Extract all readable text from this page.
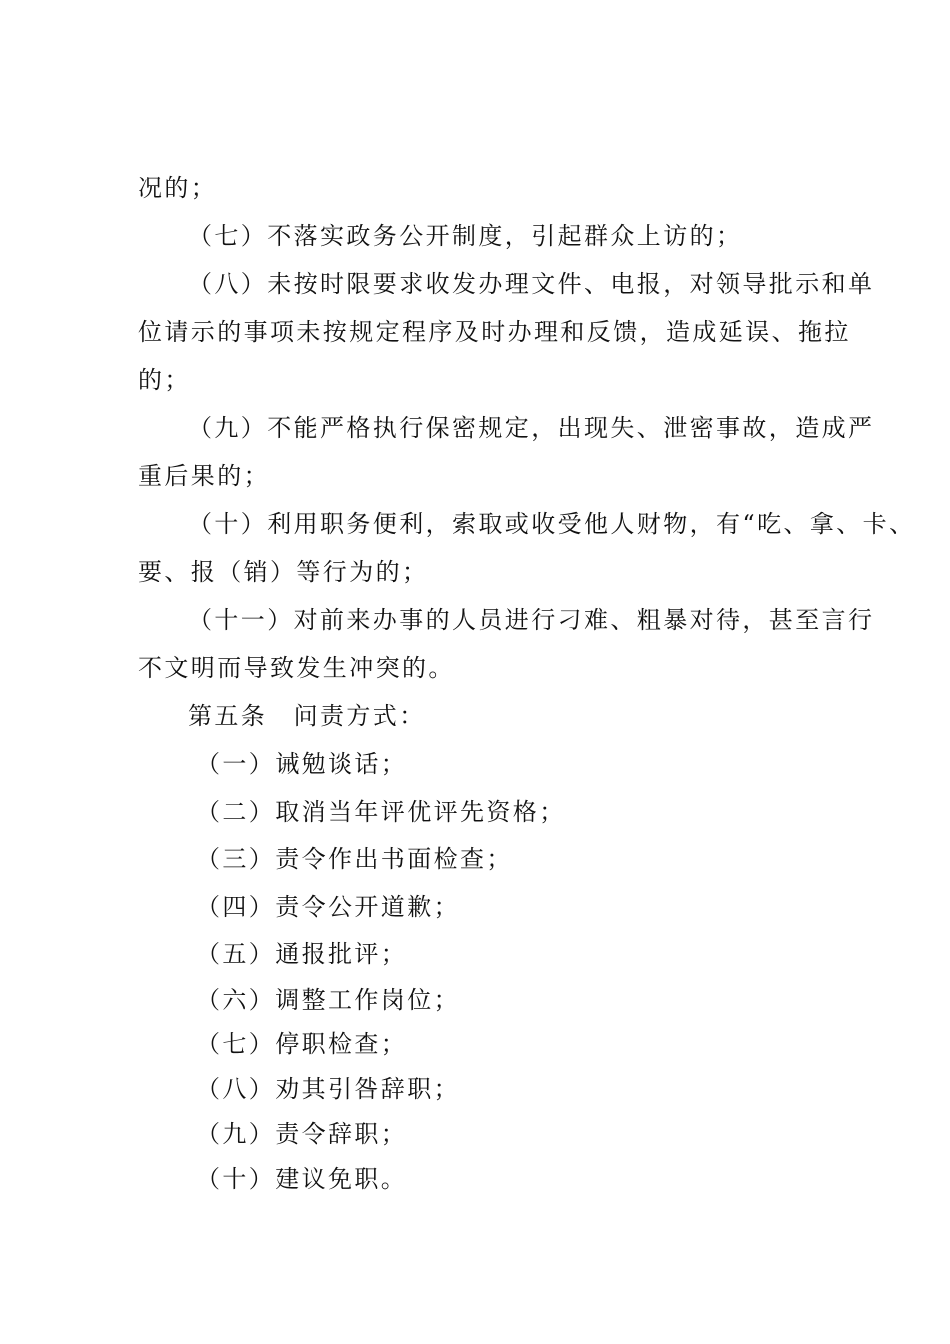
况的；
（七）不落实政务公开制度，引起群众上访的；
（八）未按时限要求收发办理文件、电报，对领导批示和单
位请示的事项未按规定程序及时办理和反馈，造成延误、拖拉
的；
（九）不能严格执行保密规定，出现失、泄密事故，造成严
重后果的；
（十）利用职务便利，索取或收受他人财物，有“吃、拿、卡、
要、报（销）等行为的；
（十一）对前来办事的人员进行刁难、粗暴对待，甚至言行
不文明而导致发生冲突的。
第五条　问责方式：
（一）诫勉谈话；
（二）取消当年评优评先资格；
（三）责令作出书面检查；
（四）责令公开道歉；
（五）通报批评；
（六）调整工作岗位；
（七）停职检查；
（八）劝其引咎辞职；
（九）责令辞职；
（十）建议免职。
